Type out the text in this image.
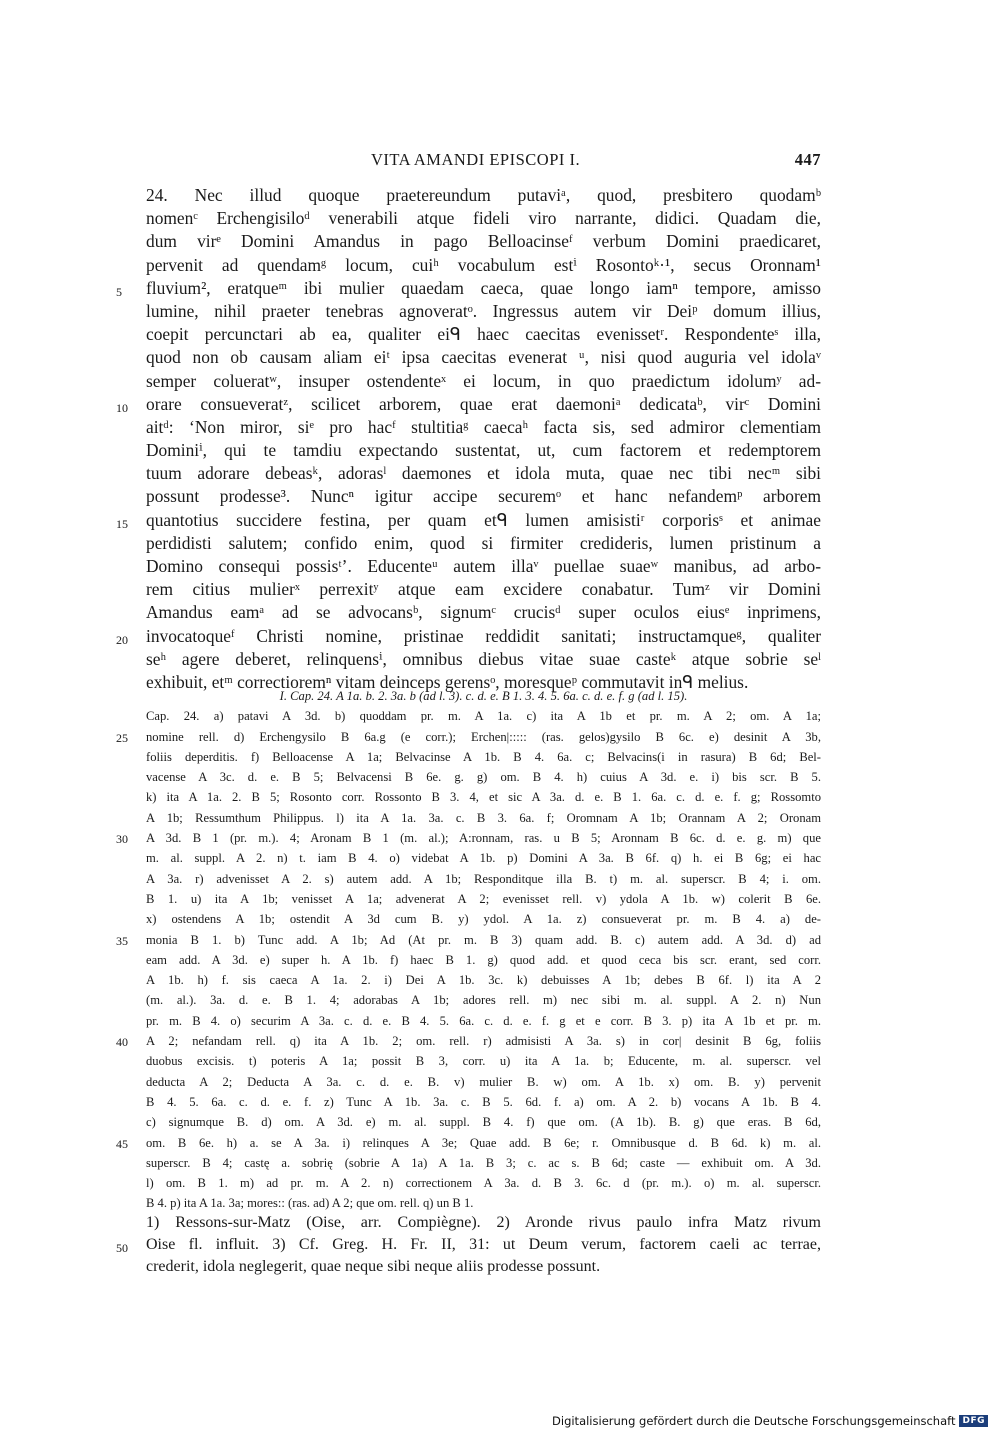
VITA AMANDI EPISCOPI I.	447
24. Nec illud quoque praetereundum putaviᵃ, quod, presbitero quodamᵇ
nomenᶜ Erchengisiloᵈ venerabili atque fideli viro narrante, didici. Quadam die,
dum virᵉ Domini Amandus in pago Belloacinseᶠ verbum Domini praedicaret,
pervenit ad quendamᵍ locum, cuiʰ vocabulum estⁱ Rosontoᵏ·¹, secus Oronnam¹
5	fluvium², eratqueᵐ ibi mulier quaedam caeca, quae longo iamⁿ tempore, amisso
lumine, nihil praeter tenebras agnoveratᵒ. Ingressus autem vir Deiᵖ domum illius,
coepit percunctari ab ea, qualiter eiᑫ haec caecitas evenissetʳ. Respondenteˢ illa,
quod non ob causam aliam eiᵗ ipsa caecitas evenerat ᵘ, nisi quod auguria vel idolaᵛ
semper colueratʷ, insuper ostendenteˣ ei locum, in quo praedictum idolumʸ ad-
10	orare consueveratᶻ, scilicet arborem, quae erat daemoniᵃ dedicataᵇ, virᶜ Domini
aitᵈ: ‘Non miror, siᵉ pro hacᶠ stultitiaᵍ caecaʰ facta sis, sed admiror clementiam
Dominiⁱ, qui te tamdiu expectando sustentat, ut, cum factorem et redemptorem
tuum adorare debeasᵏ, adorasˡ daemones et idola muta, quae nec tibi necᵐ sibi
possunt prodesse³. Nuncⁿ igitur accipe securemᵒ et hanc nefandemᵖ arborem
15	quantotius succidere festina, per quam etᑫ lumen amisistiʳ corporisˢ et animae
perdidisti salutem; confido enim, quod si firmiter credideris, lumen pristinum a
Domino consequi possisᵗ’. Educenteᵘ autem illaᵛ puellae suaeʷ manibus, ad arbo-
rem citius mulierˣ perrexitʸ atque eam excidere conabatur. Tumᶻ vir Domini
Amandus eamᵃ ad se advocansᵇ, signumᶜ crucisᵈ super oculos eiusᵉ inprimens,
20	invocatoqueᶠ Christi nomine, pristinae reddidit sanitati; instructamqueᵍ, qualiter
seʰ agere deberet, relinquensⁱ, omnibus diebus vitae suae casteᵏ atque sobrie seˡ
exhibuit, etᵐ correctioremⁿ vitam deinceps gerensᵒ, moresqueᵖ commutavit inᑫ melius.
I. Cap. 24. A 1a. b. 2. 3a. b (ad l. 3). c. d. e. B 1. 3. 4. 5. 6a. c. d. e. f. g (ad l. 15).
Cap. 24. a) patavi A 3d. b) quoddam pr. m. A 1a. c) ita A 1b et pr. m. A 2; om. A 1a;
25	nomine rell. d) Erchengysilo B 6a.g (e corr.); Erchen|::::: (ras. gelos)gysilo B 6c. e) desinit A 3b,
foliis deperditis. f) Belloacense A 1a; Belvacinse A 1b. B 4. 6a. c; Belvacins(i in rasura) B 6d; Bel-
vacense A 3c. d. e. B 5; Belvacensi B 6e. g. g) om. B 4. h) cuius A 3d. e. i) bis scr. B 5.
k) ita A 1a. 2. B 5; Rosonto corr. Rossonto B 3. 4, et sic A 3a. d. e. B 1. 6a. c. d. e. f. g; Rossomto
A 1b; Ressumthum Philippus. l) ita A 1a. 3a. c. B 3. 6a. f; Oromnam A 1b; Orannam A 2; Oronam
30	A 3d. B 1 (pr. m.). 4; Aronam B 1 (m. al.); A:ronnam, ras. u B 5; Aronnam B 6c. d. e. g. m) que
m. al. suppl. A 2. n) t. iam B 4. o) videbat A 1b. p) Domini A 3a. B 6f. q) h. ei B 6g; ei hac
A 3a. r) advenisset A 2. s) autem add. A 1b; Responditque illa B. t) m. al. superscr. B 4; i. om.
B 1. u) ita A 1b; venisset A 1a; advenerat A 2; evenisset rell. v) ydola A 1b. w) colerit B 6e.
x) ostendens A 1b; ostendit A 3d cum B. y) ydol. A 1a. z) consueverat pr. m. B 4. a) de-
35	monia B 1. b) Tunc add. A 1b; Ad (At pr. m. B 3) quam add. B. c) autem add. A 3d. d) ad
eam add. A 3d. e) super h. A 1b. f) haec B 1. g) quod add. et quod ceca bis scr. erant, sed corr.
A 1b. h) f. sis caeca A 1a. 2. i) Dei A 1b. 3c. k) debuisses A 1b; debes B 6f. l) ita A 2
(m. al.). 3a. d. e. B 1. 4; adorabas A 1b; adores rell. m) nec sibi m. al. suppl. A 2. n) Nun
pr. m. B 4. o) securim A 3a. c. d. e. B 4. 5. 6a. c. d. e. f. g et e corr. B 3. p) ita A 1b et pr. m.
40	A 2; nefandam rell. q) ita A 1b. 2; om. rell. r) admisisti A 3a. s) in cor| desinit B 6g, foliis
duobus excisis. t) poteris A 1a; possit B 3, corr. u) ita A 1a. b; Educente, m. al. superscr. vel
deducta A 2; Deducta A 3a. c. d. e. B. v) mulier B. w) om. A 1b. x) om. B. y) pervenit
B 4. 5. 6a. c. d. e. f. z) Tunc A 1b. 3a. c. B 5. 6d. f. a) om. A 2. b) vocans A 1b. B 4.
c) signumque B. d) om. A 3d. e) m. al. suppl. B 4. f) que om. (A 1b). B. g) que eras. B 6d,
45	om. B 6e. h) a. se A 3a. i) relinques A 3e; Quae add. B 6e; r. Omnibusque d. B 6d. k) m. al.
superscr. B 4; castę a. sobrię (sobrie A 1a) A 1a. B 3; c. ac s. B 6d; caste — exhibuit om. A 3d.
l) om. B 1. m) ad pr. m. A 2. n) correctionem A 3a. d. B 3. 6c. d (pr. m.). o) m. al. superscr.
B 4. p) ita A 1a. 3a; mores:: (ras. ad) A 2; que om. rell. q) un B 1.
1) Ressons-sur-Matz (Oise, arr. Compiègne). 2) Aronde rivus paulo infra Matz rivum
50	Oise fl. influit. 3) Cf. Greg. H. Fr. II, 31: ut Deum verum, factorem caeli ac terrae,
crederit, idola neglegerit, quae neque sibi neque aliis prodesse possunt.
Digitalisierung gefördert durch die Deutsche Forschungsgemeinschaft DFG
